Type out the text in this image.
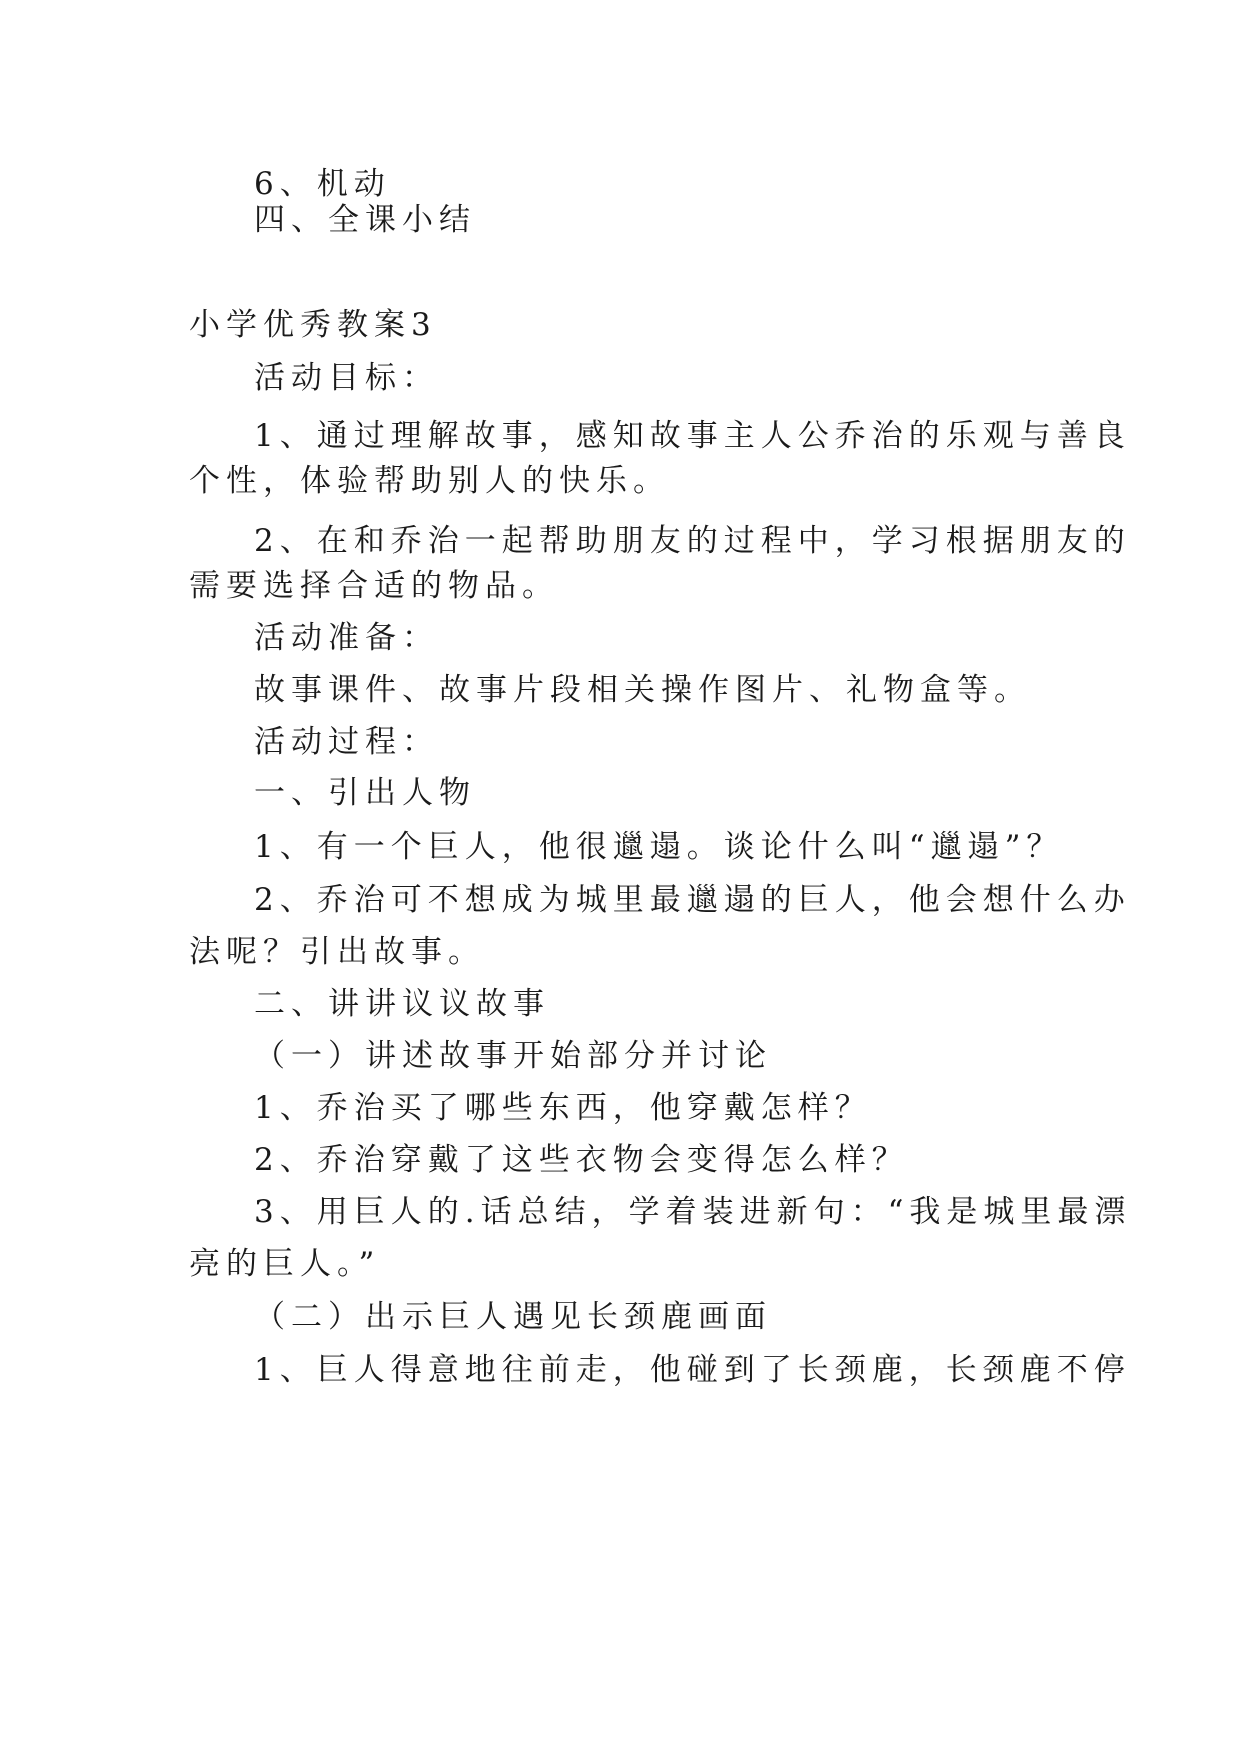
6、机动

四、全课小结

小学优秀教案3

活动目标：

1、通过理解故事，感知故事主人公乔治的乐观与善良

个性，体验帮助别人的快乐。

2、在和乔治一起帮助朋友的过程中，学习根据朋友的

需要选择合适的物品。

活动准备：

故事课件、故事片段相关操作图片、礼物盒等。

活动过程：

一、引出人物

1、有一个巨人，他很邋遢。谈论什么叫“邋遢”？

2、乔治可不想成为城里最邋遢的巨人，他会想什么办

法呢？引出故事。

二、讲讲议议故事

（一）讲述故事开始部分并讨论

1、乔治买了哪些东西，他穿戴怎样？

2、乔治穿戴了这些衣物会变得怎么样？

3、用巨人的.话总结，学着装进新句：“我是城里最漂

亮的巨人。”

（二）出示巨人遇见长颈鹿画面

1、巨人得意地往前走，他碰到了长颈鹿，长颈鹿不停
